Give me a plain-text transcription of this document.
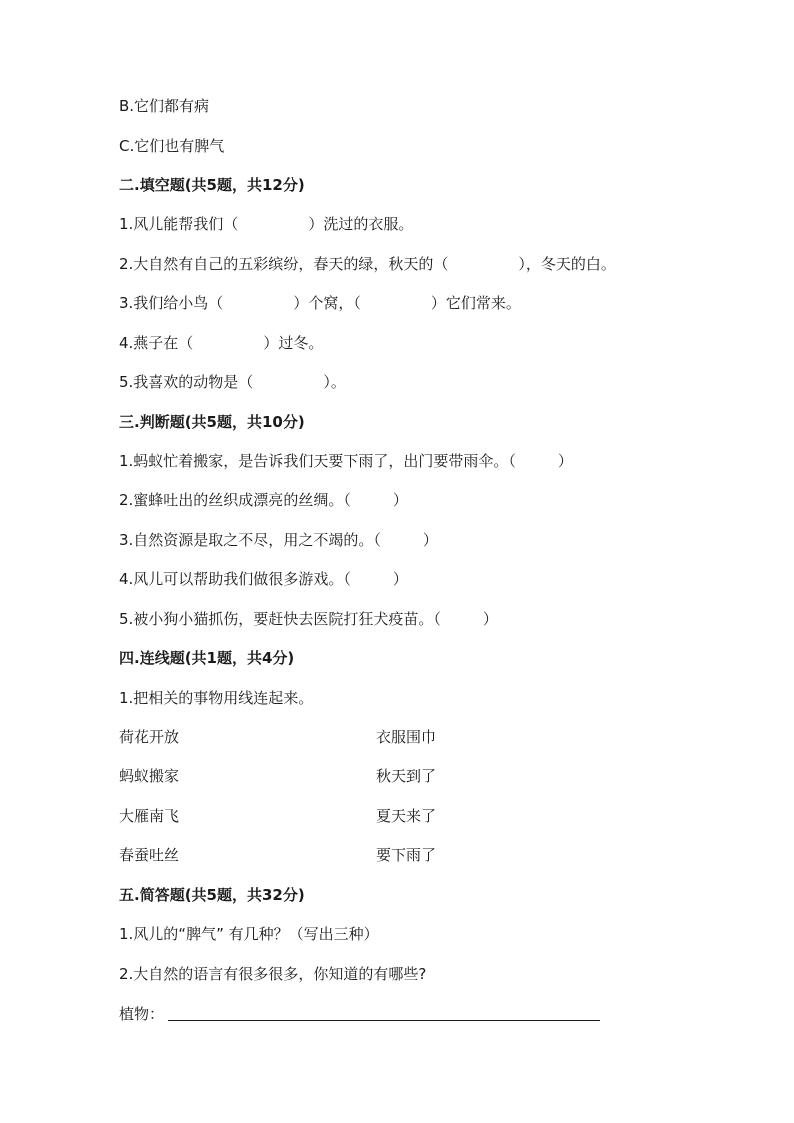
B.它们都有病
C.它们也有脾气
二.填空题(共5题，共12分)
1.风儿能帮我们（	）洗过的衣服。
2.大自然有自己的五彩缤纷，春天的绿，秋天的（	），冬天的白。
3.我们给小鸟（	）个窝，（	）它们常来。
4.燕子在（	）过冬。
5.我喜欢的动物是（	）。
三.判断题(共5题，共10分)
1.蚂蚁忙着搬家，是告诉我们天要下雨了，出门要带雨伞。（	）
2.蜜蜂吐出的丝织成漂亮的丝绸。（	）
3.自然资源是取之不尽，用之不竭的。（	）
4.风儿可以帮助我们做很多游戏。（	）
5.被小狗小猫抓伤，要赶快去医院打狂犬疫苗。（	）
四.连线题(共1题，共4分)
1.把相关的事物用线连起来。
荷花开放	衣服围巾
蚂蚁搬家	秋天到了
大雁南飞	夏天来了
春蚕吐丝	要下雨了
五.简答题(共5题，共32分)
1.风儿的“脾气” 有几种？（写出三种）
2.大自然的语言有很多很多，你知道的有哪些?
植物：
